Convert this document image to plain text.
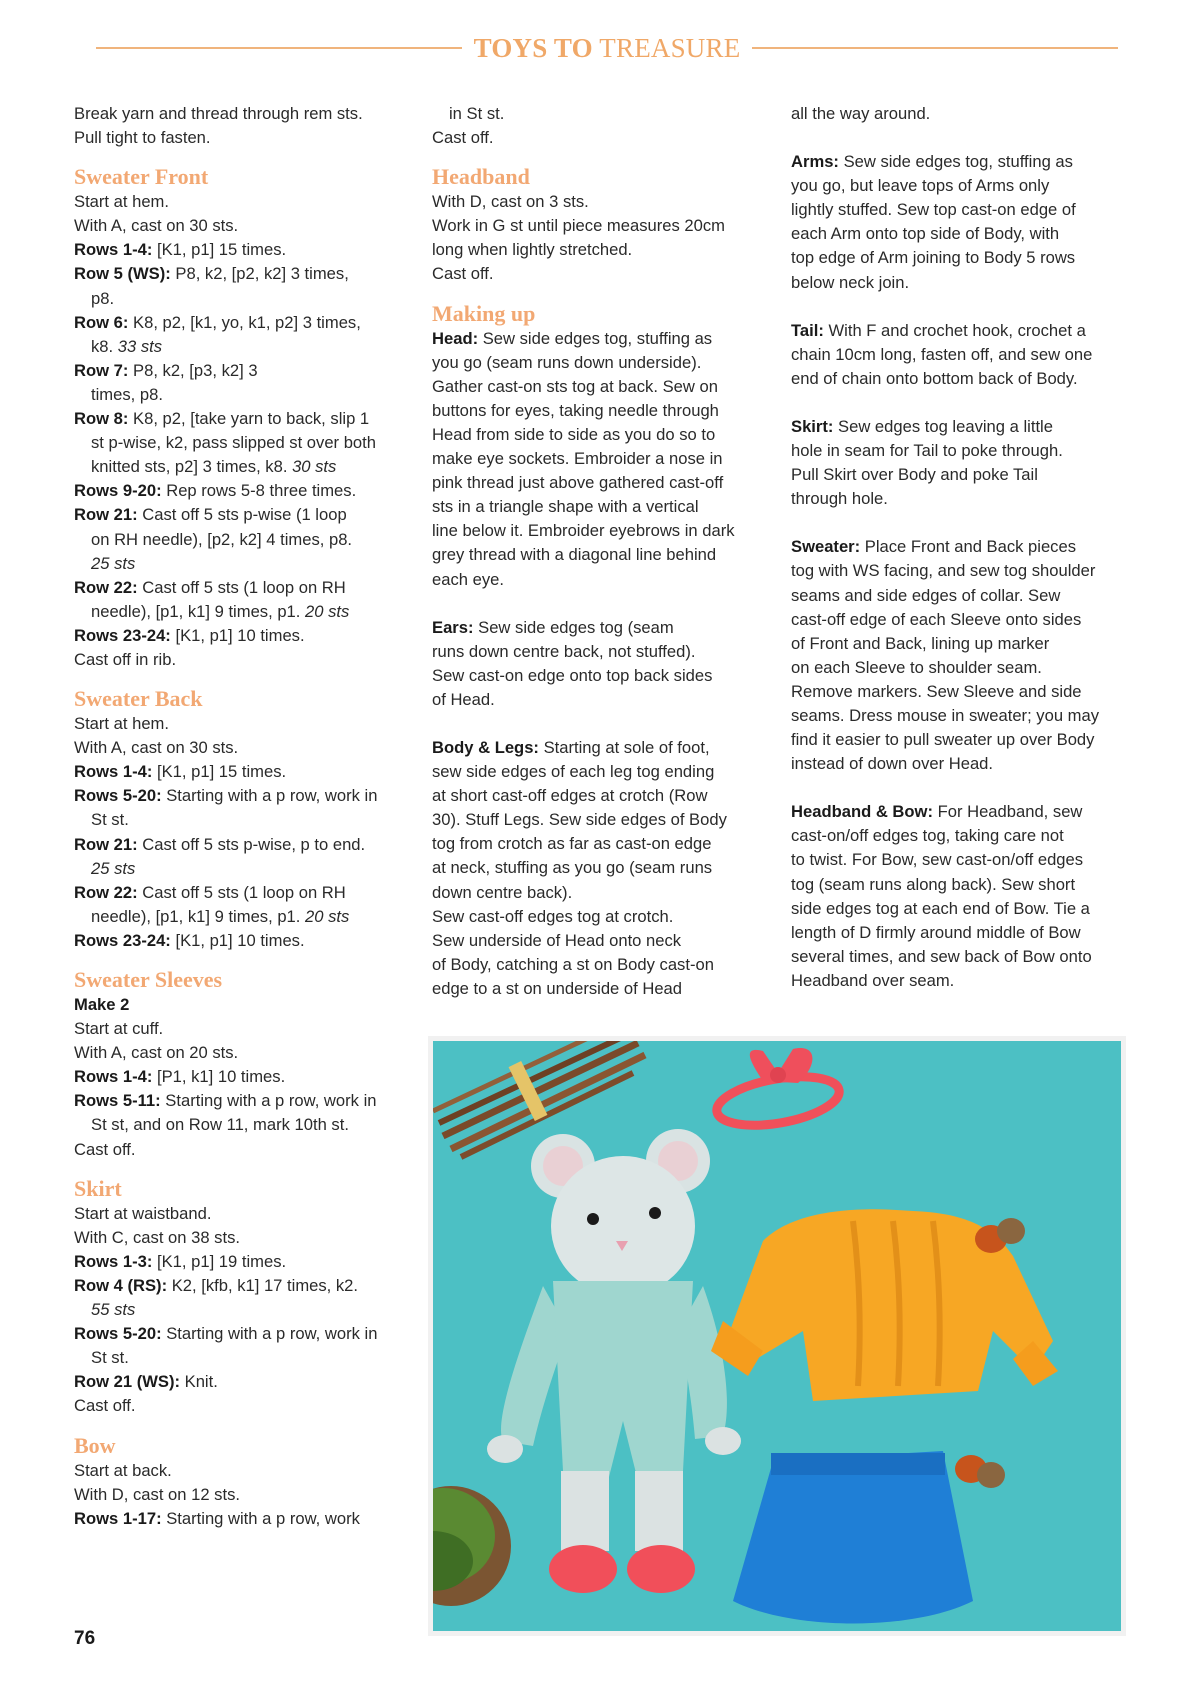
TOYS TO TREASURE

Break yarn and thread through rem sts.

Pull tight to fasten.

Sweater Front

Start at hem.

With A, cast on 30 sts.

Rows 1-4: [K1, p1] 15 times.

Row 5 (WS): P8, k2, [p2, k2] 3 times,

p8.

Row 6: K8, p2, [k1, yo, k1, p2] 3 times,

k8. 33 sts

Row 7: P8, k2, [p3, k2] 3

times, p8.

Row 8: K8, p2, [take yarn to back, slip 1

st p-wise, k2, pass slipped st over both

knitted sts, p2] 3 times, k8. 30 sts

Rows 9-20: Rep rows 5-8 three times.

Row 21: Cast off 5 sts p-wise (1 loop

on RH needle), [p2, k2] 4 times, p8.

25 sts

Row 22: Cast off 5 sts (1 loop on RH

needle), [p1, k1] 9 times, p1. 20 sts

Rows 23-24: [K1, p1] 10 times.

Cast off in rib.

Sweater Back

Start at hem.

With A, cast on 30 sts.

Rows 1-4: [K1, p1] 15 times.

Rows 5-20: Starting with a p row, work in

St st.

Row 21: Cast off 5 sts p-wise, p to end.

25 sts

Row 22: Cast off 5 sts (1 loop on RH

needle), [p1, k1] 9 times, p1. 20 sts

Rows 23-24: [K1, p1] 10 times.

Sweater Sleeves

Make 2

Start at cuff.

With A, cast on 20 sts.

Rows 1-4: [P1, k1] 10 times.

Rows 5-11: Starting with a p row, work in

St st, and on Row 11, mark 10th st.

Cast off.

Skirt

Start at waistband.

With C, cast on 38 sts.

Rows 1-3: [K1, p1] 19 times.

Row 4 (RS): K2, [kfb, k1] 17 times, k2.

55 sts

Rows 5-20: Starting with a p row, work in

St st.

Row 21 (WS): Knit.

Cast off.

Bow

Start at back.

With D, cast on 12 sts.

Rows 1-17: Starting with a p row, work

in St st.

Cast off.

Headband

With D, cast on 3 sts.

Work in G st until piece measures 20cm

long when lightly stretched.

Cast off.

Making up

Head: Sew side edges tog, stuffing as

you go (seam runs down underside).

Gather cast-on sts tog at back. Sew on

buttons for eyes, taking needle through

Head from side to side as you do so to

make eye sockets. Embroider a nose in

pink thread just above gathered cast-off

sts in a triangle shape with a vertical

line below it. Embroider eyebrows in dark

grey thread with a diagonal line behind

each eye.

Ears: Sew side edges tog (seam

runs down centre back, not stuffed).

Sew cast-on edge onto top back sides

of Head.

Body & Legs: Starting at sole of foot,

sew side edges of each leg tog ending

at short cast-off edges at crotch (Row

30). Stuff Legs. Sew side edges of Body

tog from crotch as far as cast-on edge

at neck, stuffing as you go (seam runs

down centre back).

Sew cast-off edges tog at crotch.

Sew underside of Head onto neck

of Body, catching a st on Body cast-on

edge to a st on underside of Head

all the way around.

Arms: Sew side edges tog, stuffing as

you go, but leave tops of Arms only

lightly stuffed. Sew top cast-on edge of

each Arm onto top side of Body, with

top edge of Arm joining to Body 5 rows

below neck join.

Tail: With F and crochet hook, crochet a

chain 10cm long, fasten off, and sew one

end of chain onto bottom back of Body.

Skirt: Sew edges tog leaving a little

hole in seam for Tail to poke through.

Pull Skirt over Body and poke Tail

through hole.

Sweater: Place Front and Back pieces

tog with WS facing, and sew tog shoulder

seams and side edges of collar. Sew

cast-off edge of each Sleeve onto sides

of Front and Back, lining up marker

on each Sleeve to shoulder seam.

Remove markers. Sew Sleeve and side

seams. Dress mouse in sweater; you may

find it easier to pull sweater up over Body

instead of down over Head.

Headband & Bow: For Headband, sew

cast-on/off edges tog, taking care not

to twist. For Bow, sew cast-on/off edges

tog (seam runs along back). Sew short

side edges tog at each end of Bow. Tie a

length of D firmly around middle of Bow

several times, and sew back of Bow onto

Headband over seam.

76
